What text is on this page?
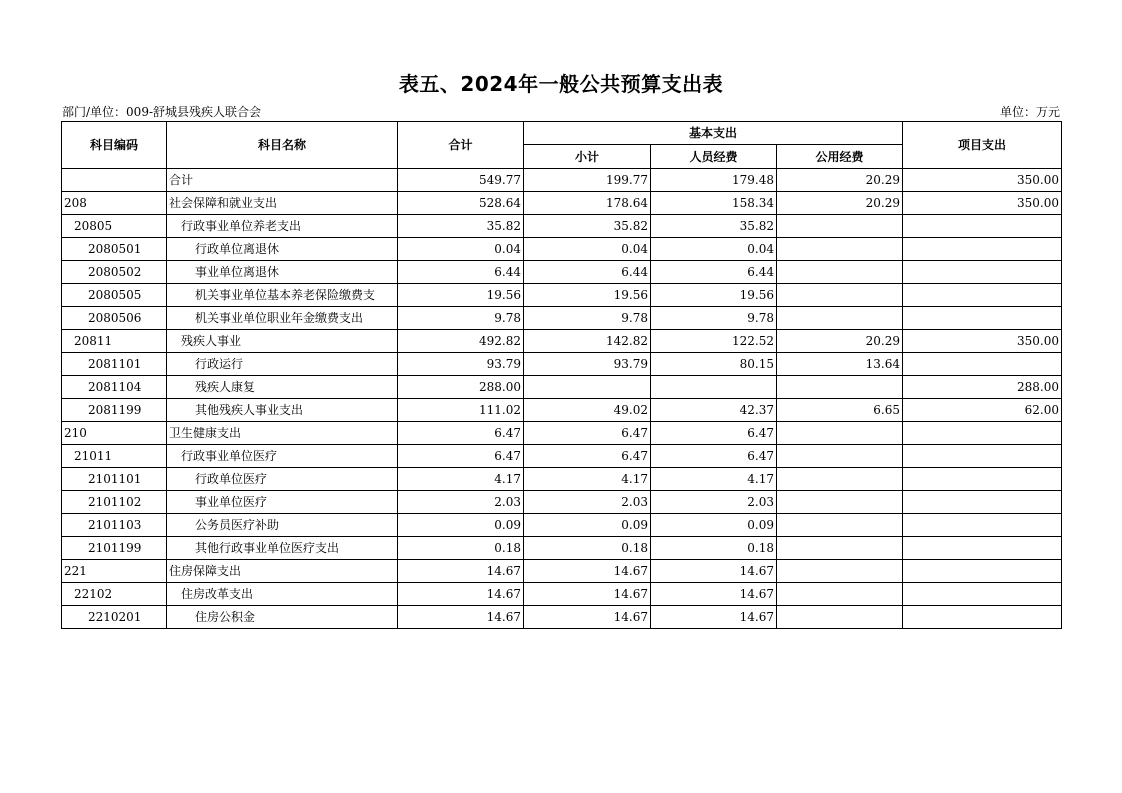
表五、2024年一般公共预算支出表
部门/单位：009-舒城县残疾人联合会	单位：万元
科目编码	科目名称	合计	基本支出			项目支出
			小计	人员经费	公用经费	
	合计	549.77	199.77	179.48	20.29	350.00
208	社会保障和就业支出	528.64	178.64	158.34	20.29	350.00
20805	行政事业单位养老支出	35.82	35.82	35.82		
2080501	行政单位离退休	0.04	0.04	0.04		
2080502	事业单位离退休	6.44	6.44	6.44		
2080505	机关事业单位基本养老保险缴费支	19.56	19.56	19.56		
2080506	机关事业单位职业年金缴费支出	9.78	9.78	9.78		
20811	残疾人事业	492.82	142.82	122.52	20.29	350.00
2081101	行政运行	93.79	93.79	80.15	13.64	
2081104	残疾人康复	288.00				288.00
2081199	其他残疾人事业支出	111.02	49.02	42.37	6.65	62.00
210	卫生健康支出	6.47	6.47	6.47		
21011	行政事业单位医疗	6.47	6.47	6.47		
2101101	行政单位医疗	4.17	4.17	4.17		
2101102	事业单位医疗	2.03	2.03	2.03		
2101103	公务员医疗补助	0.09	0.09	0.09		
2101199	其他行政事业单位医疗支出	0.18	0.18	0.18		
221	住房保障支出	14.67	14.67	14.67		
22102	住房改革支出	14.67	14.67	14.67		
2210201	住房公积金	14.67	14.67	14.67		
